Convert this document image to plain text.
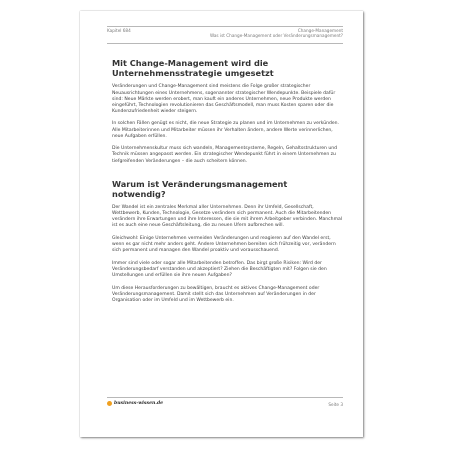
Kapitel 684	Change-Management
Was ist Change-Management oder Veränderungsmanagement?
Mit Change-Management wird die Unternehmensstrategie umgesetzt

Veränderungen und Change-Management sind meistens die Folge großer strategischer Neuausrichtungen eines Unternehmens, sogenannter strategischer Wendepunkte. Beispiele dafür sind: Neue Märkte werden erobert, man kauft ein anderes Unternehmen, neue Produkte werden eingeführt, Technologien revolutionieren das Geschäftsmodell, man muss Kosten sparen oder die Kundenzufriedenheit wieder steigern.

In solchen Fällen genügt es nicht, die neue Strategie zu planen und im Unternehmen zu verkünden. Alle Mitarbeiterinnen und Mitarbeiter müssen ihr Verhalten ändern, andere Werte verinnerlichen, neue Aufgaben erfüllen.

Die Unternehmenskultur muss sich wandeln, Managementsysteme, Regeln, Gehaltsstrukturen und Technik müssen angepasst werden. Ein strategischer Wendepunkt führt in einem Unternehmen zu tiefgreifenden Veränderungen – die auch scheitern können.

Warum ist Veränderungsmanagement notwendig?

Der Wandel ist ein zentrales Merkmal aller Unternehmen. Denn ihr Umfeld, Gesellschaft, Wettbewerb, Kunden, Technologie, Gesetze verändern sich permanent. Auch die Mitarbeitenden verändern ihre Erwartungen und ihre Interessen, die sie mit ihrem Arbeitgeber verbinden. Manchmal ist es auch eine neue Geschäftsleitung, die zu neuen Ufern aufbrechen will.

Gleichwohl: Einige Unternehmen vermeiden Veränderungen und reagieren auf den Wandel erst, wenn es gar nicht mehr anders geht. Andere Unternehmen bereiten sich frühzeitig vor, verändern sich permanent und managen den Wandel proaktiv und vorausschauend.

Immer sind viele oder sogar alle Mitarbeitenden betroffen. Das birgt große Risiken: Wird der Veränderungsbedarf verstanden und akzeptiert? Ziehen die Beschäftigten mit? Folgen sie den Umstellungen und erfüllen sie ihre neuen Aufgaben?

Um diese Herausforderungen zu bewältigen, braucht es aktives Change-Management oder Veränderungsmanagement. Damit stellt sich das Unternehmen auf Veränderungen in der Organisation oder im Umfeld und im Wettbewerb ein.

business-wissen.de	Seite 3
